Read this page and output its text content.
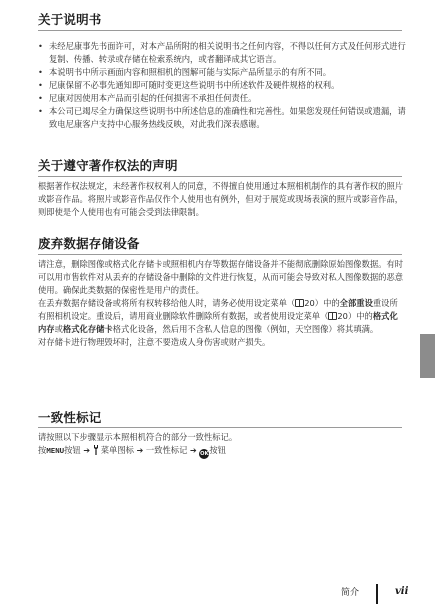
关于说明书
• 未经尼康事先书面许可，对本产品所附的相关说明书之任何内容，不得以任何方式及任何形式进行复制、传播、转录或存储在检索系统内，或者翻译成其它语言。
• 本说明书中所示画面内容和照相机的图解可能与实际产品所显示的有所不同。
• 尼康保留不必事先通知即可随时变更这些说明书中所述软件及硬件规格的权利。
• 尼康对因使用本产品而引起的任何损害不承担任何责任。
• 本公司已竭尽全力确保这些说明书中所述信息的准确性和完善性。如果您发现任何错误或遗漏，请致电尼康客户支持中心服务热线反映，对此我们深表感谢。
关于遵守著作权法的声明

根据著作权法规定，未经著作权权利人的同意，不得擅自使用通过本照相机制作的具有著作权的照片或影音作品。将照片或影音作品仅作个人使用也有例外，但对于展览或现场表演的照片或影音作品，则即使是个人使用也有可能会受到法律限制。

废弃数据存储设备

请注意，删除图像或格式化存储卡或照相机内存等数据存储设备并不能彻底删除原始图像数据。有时可以用市售软件对从丢弃的存储设备中删除的文件进行恢复，从而可能会导致对私人图像数据的恶意使用。确保此类数据的保密性是用户的责任。

在丢弃数据存储设备或将所有权转移给他人时，请务必使用设定菜单（ 20）中的全部重设重设所有照相机设定。重设后，请用商业删除软件删除所有数据，或者使用设定菜单（ 20）中的格式化内存或格式化存储卡格式化设备，然后用不含私人信息的图像（例如，天空图像）将其填满。

对存储卡进行物理毁坏时，注意不要造成人身伤害或财产损失。

一致性标记

请按照以下步骤显示本照相机符合的部分一致性标记。

按MENU按钮 ➔ 菜单图标 ➔ 一致性标记 ➔ OK按钮

简介	vii
